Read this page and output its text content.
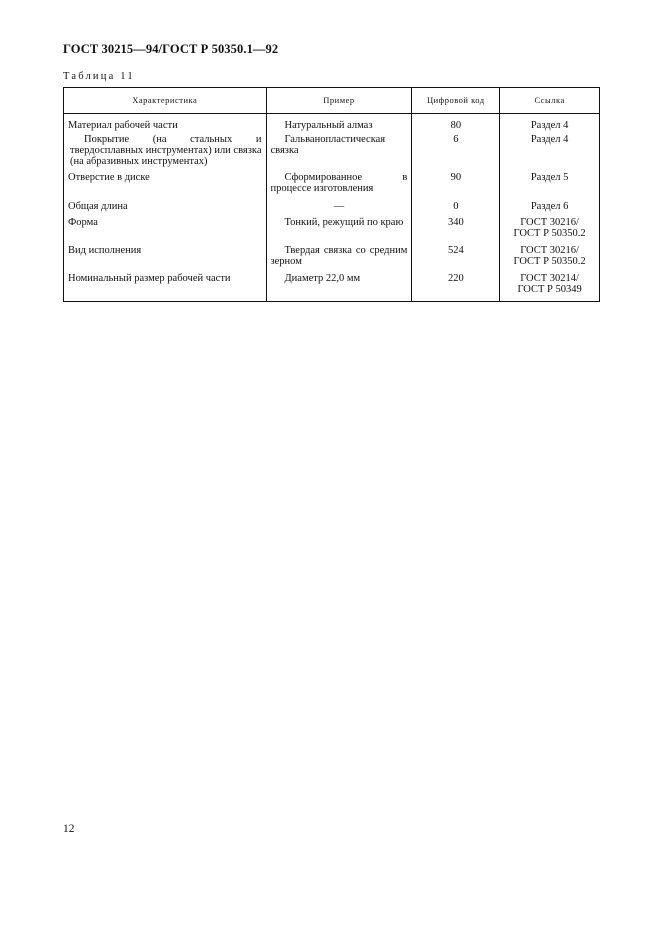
ГОСТ 30215—94/ГОСТ Р 50350.1—92
Таблица 11
Характеристика	Пример	Цифровой код	Ссылка
Материал рабочей части	Натуральный алмаз	80	Раздел 4

Покрытие (на стальных и твердосплавных инструментах) или связка (на абразивных инструментах)	Гальванопластическая связка	6	Раздел 4

Отверстие в диске	Сформированное в процессе изготовления	90	Раздел 5

Общая длина	—	0	Раздел 6

Форма	Тонкий, режущий по краю	340	ГОСТ 30216/
ГОСТ Р 50350.2

Вид исполнения	Твердая связка со средним зерном	524	ГОСТ 30216/
ГОСТ Р 50350.2

Номинальный размер рабочей части	Диаметр 22,0 мм	220	ГОСТ 30214/
ГОСТ Р 50349
12
